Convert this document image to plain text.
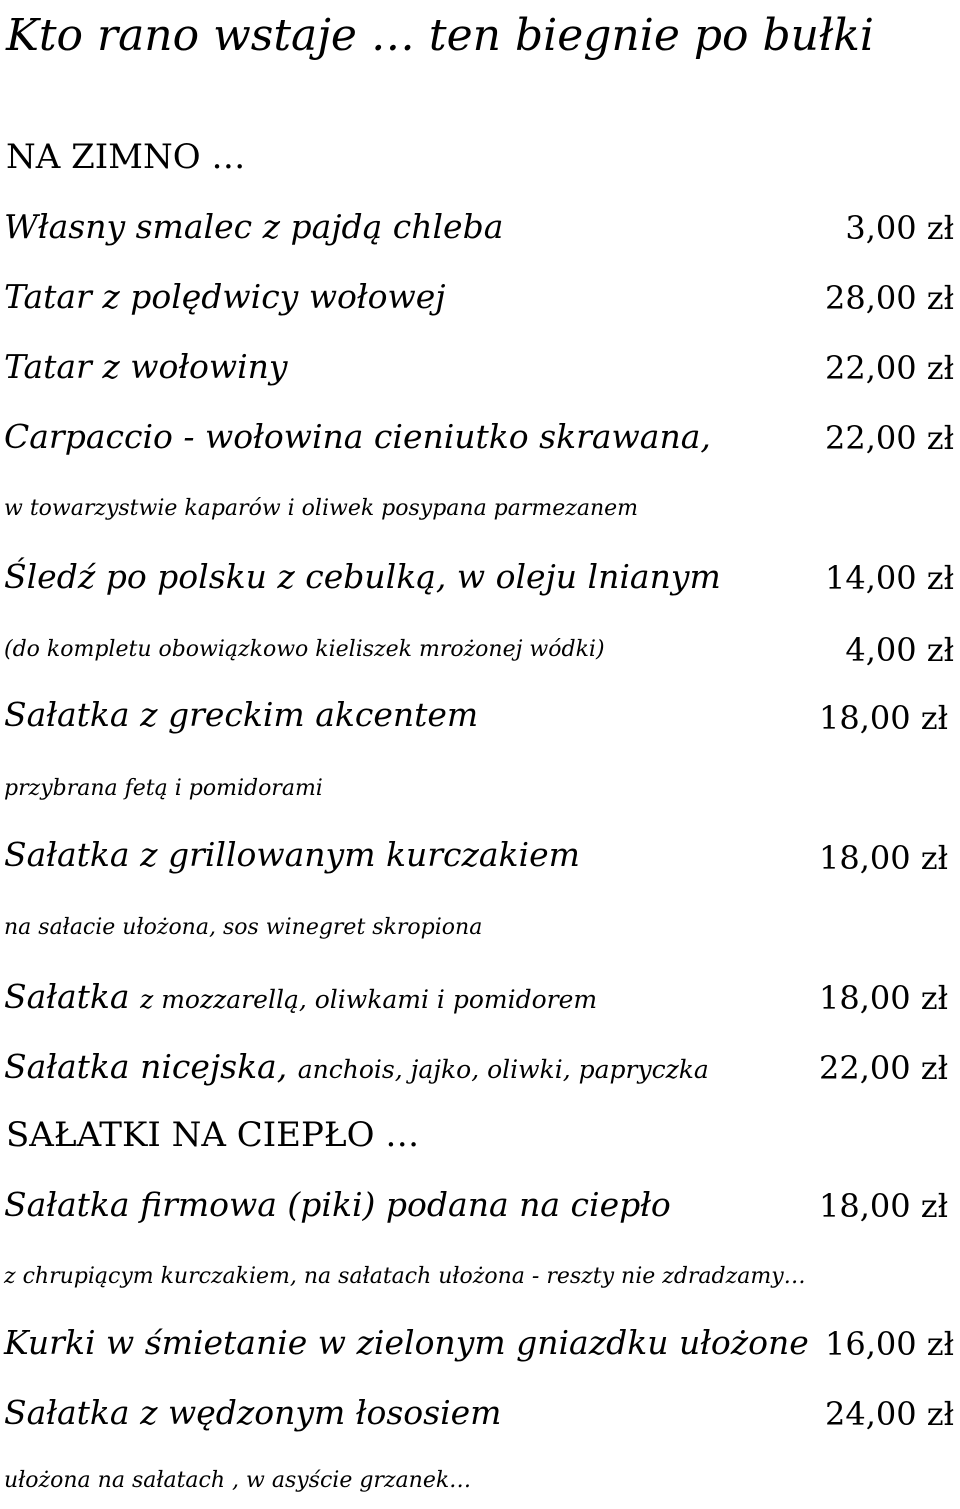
Kto rano wstaje … ten biegnie po bułki
NA ZIMNO …
Własny smalec z pajdą chleba	3,00 zł
Tatar z polędwicy wołowej	28,00 zł
Tatar z wołowiny	22,00 zł
Carpaccio - wołowina cieniutko skrawana,	22,00 zł
w towarzystwie kaparów i oliwek posypana parmezanem
Śledź po polsku z cebulką, w oleju lnianym	14,00 zł
(do kompletu obowiązkowo kieliszek mrożonej wódki)	4,00 zł
Sałatka z greckim akcentem	18,00 zł
przybrana fetą i pomidorami
Sałatka z grillowanym kurczakiem	18,00 zł
na sałacie ułożona, sos winegret skropiona
Sałatka z mozzarellą, oliwkami i pomidorem	18,00 zł
Sałatka nicejska, anchois, jajko, oliwki, papryczka	22,00 zł
SAŁATKI NA CIEPŁO …
Sałatka firmowa (piki) podana na ciepło	18,00 zł
z chrupiącym kurczakiem, na sałatach ułożona - reszty nie zdradzamy…
Kurki w śmietanie w zielonym gniazdku ułożone 16,00 zł
Sałatka z wędzonym łososiem	24,00 zł
ułożona na sałatach , w asyście grzanek…
